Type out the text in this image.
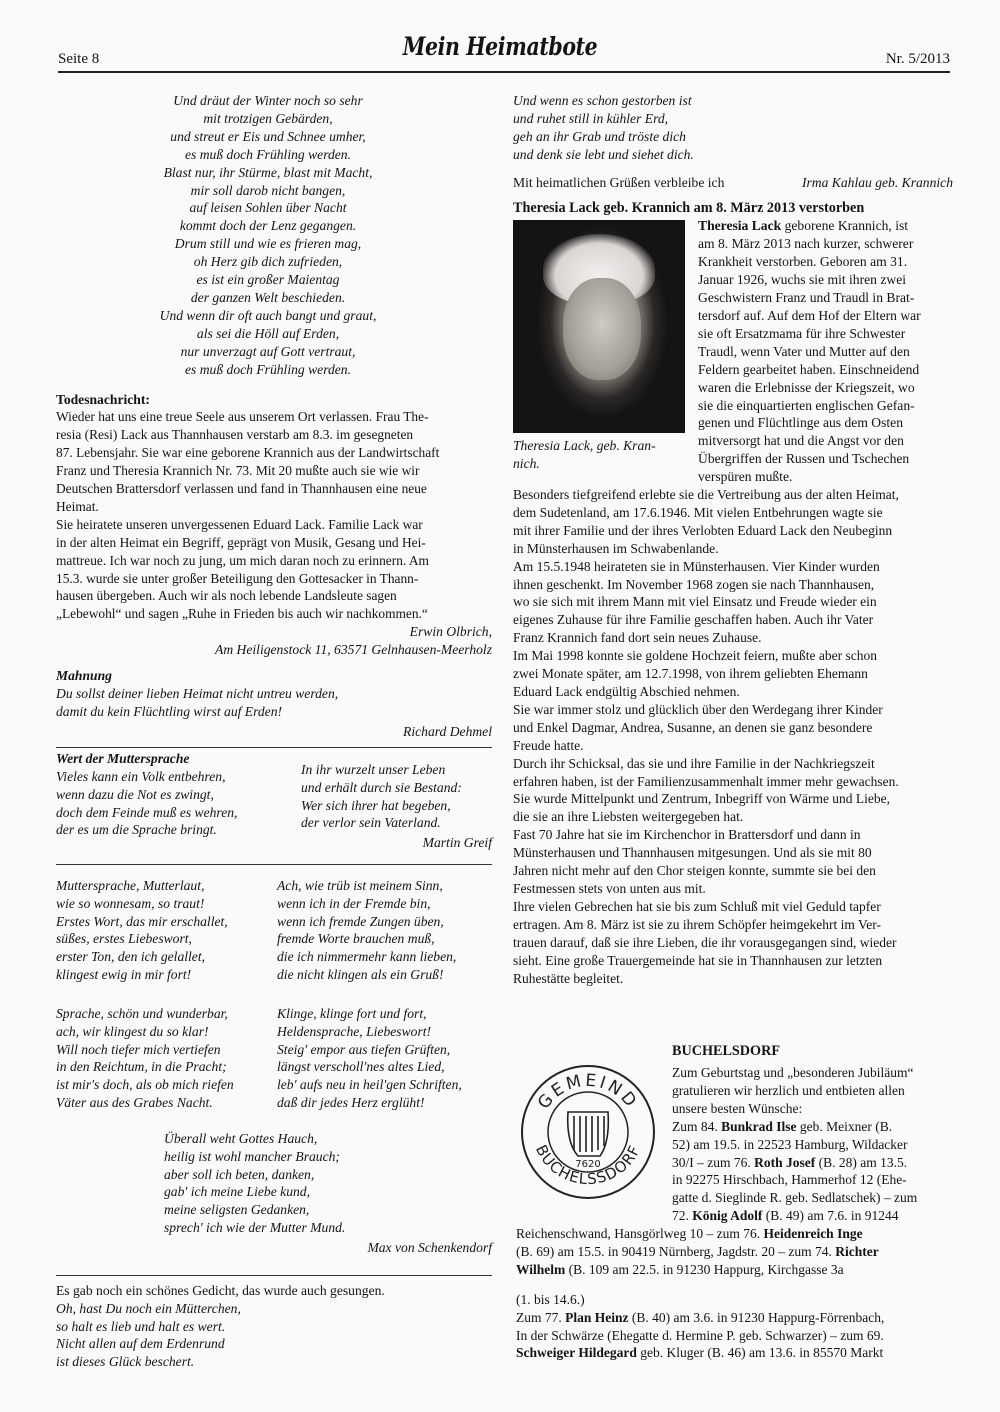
Seite 8	Mein Heimatbote	Nr. 5/2013
Und dräut der Winter noch so sehr
mit trotzigen Gebärden,
und streut er Eis und Schnee umher,
es muß doch Frühling werden.
Blast nur, ihr Stürme, blast mit Macht,
mir soll darob nicht bangen,
auf leisen Sohlen über Nacht
kommt doch der Lenz gegangen.
Drum still und wie es frieren mag,
oh Herz gib dich zufrieden,
es ist ein großer Maientag
der ganzen Welt beschieden.
Und wenn dir oft auch bangt und graut,
als sei die Höll auf Erden,
nur unverzagt auf Gott vertraut,
es muß doch Frühling werden.
Todesnachricht:
Wieder hat uns eine treue Seele aus unserem Ort verlassen. Frau The-
resia (Resi) Lack aus Thannhausen verstarb am 8.3. im gesegneten
87. Lebensjahr. Sie war eine geborene Krannich aus der Landwirtschaft
Franz und Theresia Krannich Nr. 73. Mit 20 mußte auch sie wie wir
Deutschen Brattersdorf verlassen und fand in Thannhausen eine neue
Heimat.
Sie heiratete unseren unvergessenen Eduard Lack. Familie Lack war
in der alten Heimat ein Begriff, geprägt von Musik, Gesang und Hei-
mattreue. Ich war noch zu jung, um mich daran noch zu erinnern. Am
15.3. wurde sie unter großer Beteiligung den Gottesacker in Thann-
hausen übergeben. Auch wir als noch lebende Landsleute sagen
„Lebewohl“ und sagen „Ruhe in Frieden bis auch wir nachkommen.“
Erwin Olbrich,
Am Heiligenstock 11, 63571 Gelnhausen-Meerholz
Mahnung
Du sollst deiner lieben Heimat nicht untreu werden,
damit du kein Flüchtling wirst auf Erden!
Richard Dehmel
Wert der Muttersprache
Vieles kann ein Volk entbehren,
wenn dazu die Not es zwingt,
doch dem Feinde muß es wehren,
der es um die Sprache bringt.
In ihr wurzelt unser Leben
und erhält durch sie Bestand:
Wer sich ihrer hat begeben,
der verlor sein Vaterland.
Martin Greif
Muttersprache, Mutterlaut,
wie so wonnesam, so traut!
Erstes Wort, das mir erschallet,
süßes, erstes Liebeswort,
erster Ton, den ich gelallet,
klingest ewig in mir fort!
Ach, wie trüb ist meinem Sinn,
wenn ich in der Fremde bin,
wenn ich fremde Zungen üben,
fremde Worte brauchen muß,
die ich nimmermehr kann lieben,
die nicht klingen als ein Gruß!
Sprache, schön und wunderbar,
ach, wir klingest du so klar!
Will noch tiefer mich vertiefen
in den Reichtum, in die Pracht;
ist mir's doch, als ob mich riefen
Väter aus des Grabes Nacht.
Klinge, klinge fort und fort,
Heldensprache, Liebeswort!
Steig' empor aus tiefen Grüften,
längst verscholl'nes altes Lied,
leb' aufs neu in heil'gen Schriften,
daß dir jedes Herz erglüht!
Überall weht Gottes Hauch,
heilig ist wohl mancher Brauch;
aber soll ich beten, danken,
gab' ich meine Liebe kund,
meine seligsten Gedanken,
sprech' ich wie der Mutter Mund.
Max von Schenkendorf
Es gab noch ein schönes Gedicht, das wurde auch gesungen.
Oh, hast Du noch ein Mütterchen,
so halt es lieb und halt es wert.
Nicht allen auf dem Erdenrund
ist dieses Glück beschert.
Und wenn es schon gestorben ist
und ruhet still in kühler Erd,
geh an ihr Grab und tröste dich
und denk sie lebt und siehet dich.
Mit heimatlichen Grüßen verbleibe ich	Irma Kahlau geb. Krannich
Theresia Lack geb. Krannich am 8. März 2013 verstorben
Theresia Lack, geb. Kran-
nich.
Theresia Lack geborene Krannich, ist
am 8. März 2013 nach kurzer, schwerer
Krankheit verstorben. Geboren am 31.
Januar 1926, wuchs sie mit ihren zwei
Geschwistern Franz und Traudl in Brat-
tersdorf auf. Auf dem Hof der Eltern war
sie oft Ersatzmama für ihre Schwester
Traudl, wenn Vater und Mutter auf den
Feldern gearbeitet haben. Einschneidend
waren die Erlebnisse der Kriegszeit, wo
sie die einquartierten englischen Gefan-
genen und Flüchtlinge aus dem Osten
mitversorgt hat und die Angst vor den
Übergriffen der Russen und Tschechen
verspüren mußte.
Besonders tiefgreifend erlebte sie die Vertreibung aus der alten Heimat,
dem Sudetenland, am 17.6.1946. Mit vielen Entbehrungen wagte sie
mit ihrer Familie und der ihres Verlobten Eduard Lack den Neubeginn
in Münsterhausen im Schwabenlande.
Am 15.5.1948 heirateten sie in Münsterhausen. Vier Kinder wurden
ihnen geschenkt. Im November 1968 zogen sie nach Thannhausen,
wo sie sich mit ihrem Mann mit viel Einsatz und Freude wieder ein
eigenes Zuhause für ihre Familie geschaffen haben. Auch ihr Vater
Franz Krannich fand dort sein neues Zuhause.
Im Mai 1998 konnte sie goldene Hochzeit feiern, mußte aber schon
zwei Monate später, am 12.7.1998, von ihrem geliebten Ehemann
Eduard Lack endgültig Abschied nehmen.
Sie war immer stolz und glücklich über den Werdegang ihrer Kinder
und Enkel Dagmar, Andrea, Susanne, an denen sie ganz besondere
Freude hatte.
Durch ihr Schicksal, das sie und ihre Familie in der Nachkriegszeit
erfahren haben, ist der Familienzusammenhalt immer mehr gewachsen.
Sie wurde Mittelpunkt und Zentrum, Inbegriff von Wärme und Liebe,
die sie an ihre Liebsten weitergegeben hat.
Fast 70 Jahre hat sie im Kirchenchor in Brattersdorf und dann in
Münsterhausen und Thannhausen mitgesungen. Und als sie mit 80
Jahren nicht mehr auf den Chor steigen konnte, summte sie bei den
Festmessen stets von unten aus mit.
Ihre vielen Gebrechen hat sie bis zum Schluß mit viel Geduld tapfer
ertragen. Am 8. März ist sie zu ihrem Schöpfer heimgekehrt im Ver-
trauen darauf, daß sie ihre Lieben, die ihr vorausgegangen sind, wieder
sieht. Eine große Trauergemeinde hat sie in Thannhausen zur letzten
Ruhestätte begleitet.
BUCHELSDORF
GEMEIND
BUCHELSSDORF
7620
Zum Geburtstag und „besonderen Jubiläum“
gratulieren wir herzlich und entbieten allen
unsere besten Wünsche:
Zum 84. Bunkrad Ilse geb. Meixner (B.
52) am 19.5. in 22523 Hamburg, Wildacker
30/I – zum 76. Roth Josef (B. 28) am 13.5.
in 92275 Hirschbach, Hammerhof 12 (Ehe-
gatte d. Sieglinde R. geb. Sedlatschek) – zum
72. König Adolf (B. 49) am 7.6. in 91244
Reichenschwand, Hansgörlweg 10 – zum 76. Heidenreich Inge
(B. 69) am 15.5. in 90419 Nürnberg, Jagdstr. 20 – zum 74. Richter
Wilhelm (B. 109 am 22.5. in 91230 Happurg, Kirchgasse 3a
(1. bis 14.6.)
Zum 77. Plan Heinz (B. 40) am 3.6. in 91230 Happurg-Förrenbach,
In der Schwärze (Ehegatte d. Hermine P. geb. Schwarzer) – zum 69.
Schweiger Hildegard geb. Kluger (B. 46) am 13.6. in 85570 Markt
